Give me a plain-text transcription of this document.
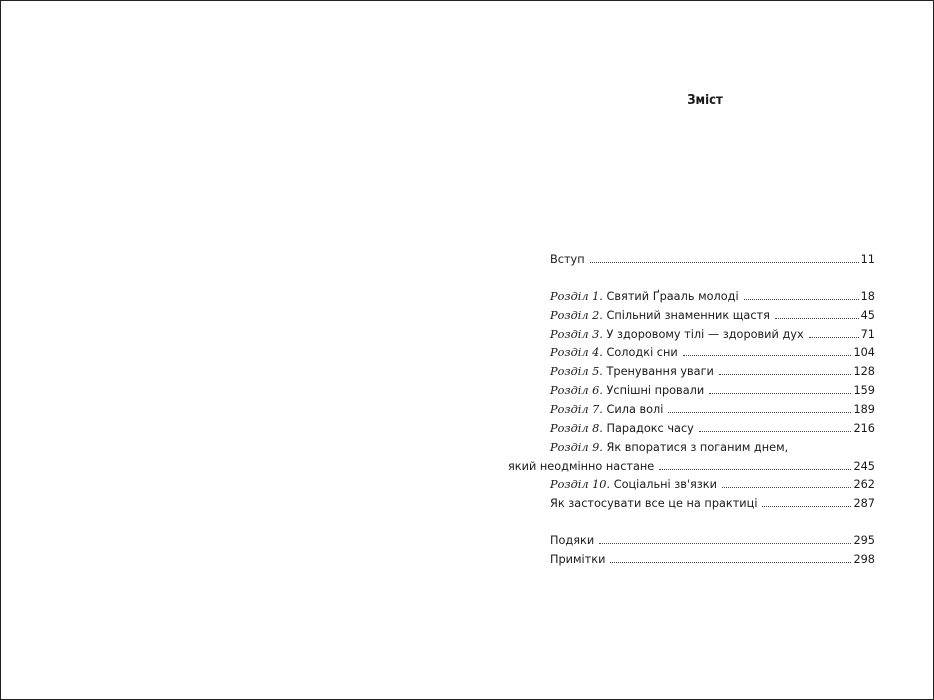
Зміст
Вступ	11
Розділ 1. Святий Ґрааль молоді	18
Розділ 2. Спільний знаменник щастя	45
Розділ 3. У здоровому тілі — здоровий дух	71
Розділ 4. Солодкі сни	104
Розділ 5. Тренування уваги	128
Розділ 6. Успішні провали	159
Розділ 7. Сила волі	189
Розділ 8. Парадокс часу	216
Розділ 9. Як впоратися з поганим днем,
який неодмінно настане	245
Розділ 10. Соціальні зв'язки	262
Як застосувати все це на практиці	287
Подяки	295
Примітки	298
